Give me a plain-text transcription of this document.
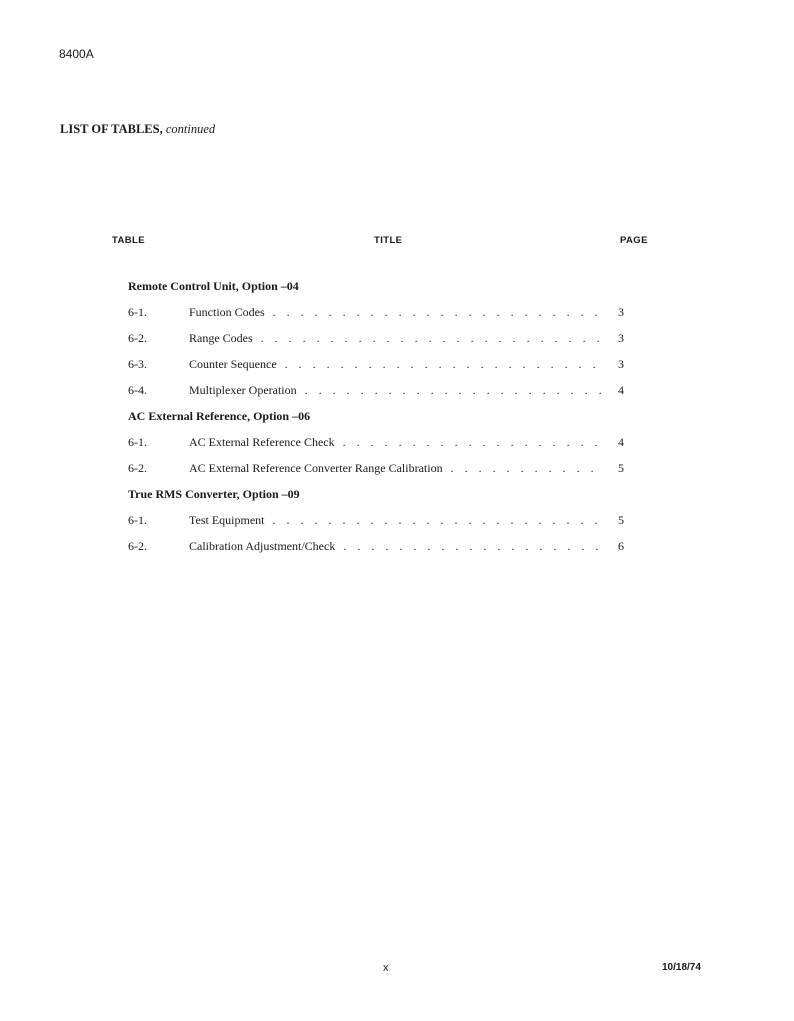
8400A
LIST OF TABLES, continued
TABLE	TITLE	PAGE
Remote Control Unit, Option –04
6-1.	Function Codes . . .	3
6-2.	Range Codes . . .	3
6-3.	Counter Sequence . . .	3
6-4.	Multiplexer Operation . . .	4
AC External Reference, Option –06
6-1.	AC External Reference Check . . .	4
6-2.	AC External Reference Converter Range Calibration . . .	5
True RMS Converter, Option –09
6-1.	Test Equipment . . .	5
6-2.	Calibration Adjustment/Check . . .	6
x	10/18/74
